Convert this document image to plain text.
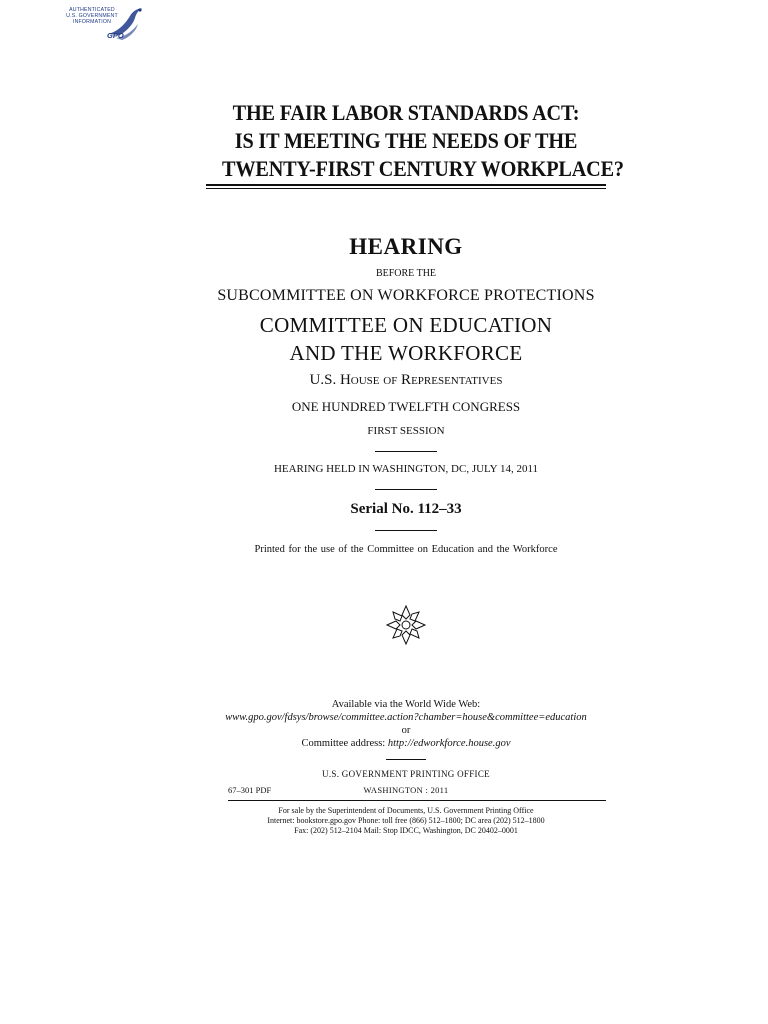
AUTHENTICATED
U.S. GOVERNMENT
INFORMATION
GPO
THE FAIR LABOR STANDARDS ACT:
IS IT MEETING THE NEEDS OF THE
TWENTY-FIRST CENTURY WORKPLACE?
HEARING
BEFORE THE
SUBCOMMITTEE ON WORKFORCE PROTECTIONS
COMMITTEE ON EDUCATION
AND THE WORKFORCE
U.S. House of Representatives
ONE HUNDRED TWELFTH CONGRESS
FIRST SESSION
HEARING HELD IN WASHINGTON, DC, JULY 14, 2011
Serial No. 112–33
Printed for the use of the Committee on Education and the Workforce
Available via the World Wide Web:
www.gpo.gov/fdsys/browse/committee.action?chamber=house&committee=education
or
Committee address: http://edworkforce.house.gov
U.S. GOVERNMENT PRINTING OFFICE
67–301 PDF	WASHINGTON : 2011
For sale by the Superintendent of Documents, U.S. Government Printing Office
Internet: bookstore.gpo.gov Phone: toll free (866) 512–1800; DC area (202) 512–1800
Fax: (202) 512–2104 Mail: Stop IDCC, Washington, DC 20402–0001
